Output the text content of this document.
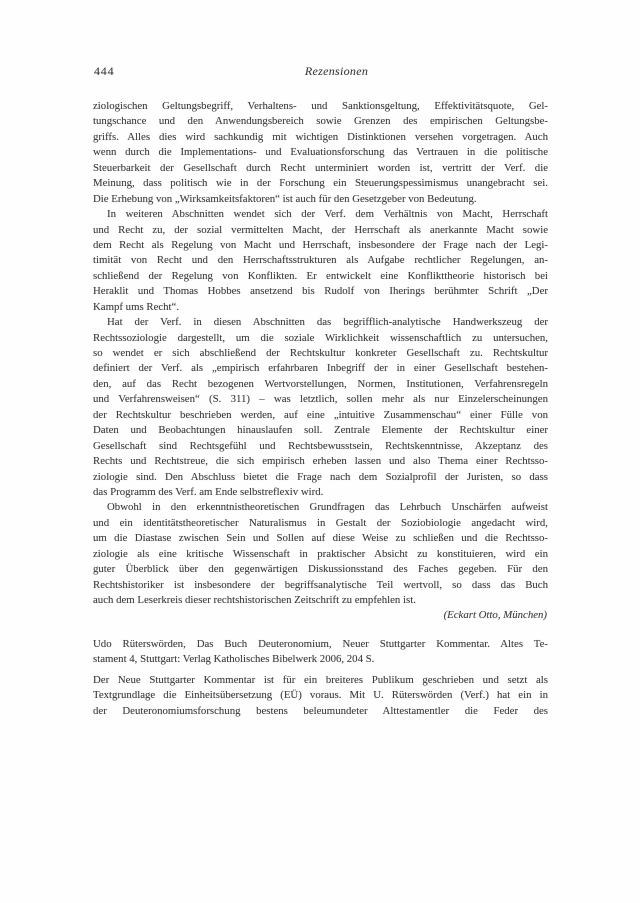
444	Rezensionen
ziologischen Geltungsbegriff, Verhaltens- und Sanktionsgeltung, Effektivitätsquote, Gel-
tungschance und den Anwendungsbereich sowie Grenzen des empirischen Geltungsbe-
griffs. Alles dies wird sachkundig mit wichtigen Distinktionen versehen vorgetragen. Auch
wenn durch die Implementations- und Evaluationsforschung das Vertrauen in die politische
Steuerbarkeit der Gesellschaft durch Recht unterminiert worden ist, vertritt der Verf. die
Meinung, dass politisch wie in der Forschung ein Steuerungspessimismus unangebracht sei.
Die Erhebung von „Wirksamkeitsfaktoren“ ist auch für den Gesetzgeber von Bedeutung.
In weiteren Abschnitten wendet sich der Verf. dem Verhältnis von Macht, Herrschaft
und Recht zu, der sozial vermittelten Macht, der Herrschaft als anerkannte Macht sowie
dem Recht als Regelung von Macht und Herrschaft, insbesondere der Frage nach der Legi-
timität von Recht und den Herrschaftsstrukturen als Aufgabe rechtlicher Regelungen, an-
schließend der Regelung von Konflikten. Er entwickelt eine Konflikttheorie historisch bei
Heraklit und Thomas Hobbes ansetzend bis Rudolf von Iherings berühmter Schrift „Der
Kampf ums Recht“.
Hat der Verf. in diesen Abschnitten das begrifflich-analytische Handwerkszeug der
Rechtssoziologie dargestellt, um die soziale Wirklichkeit wissenschaftlich zu untersuchen,
so wendet er sich abschließend der Rechtskultur konkreter Gesellschaft zu. Rechtskultur
definiert der Verf. als „empirisch erfahrbaren Inbegriff der in einer Gesellschaft bestehen-
den, auf das Recht bezogenen Wertvorstellungen, Normen, Institutionen, Verfahrensregeln
und Verfahrensweisen“ (S. 311) – was letztlich, sollen mehr als nur Einzelerscheinungen
der Rechtskultur beschrieben werden, auf eine „intuitive Zusammenschau“ einer Fülle von
Daten und Beobachtungen hinauslaufen soll. Zentrale Elemente der Rechtskultur einer
Gesellschaft sind Rechtsgefühl und Rechtsbewusstsein, Rechtskenntnisse, Akzeptanz des
Rechts und Rechtstreue, die sich empirisch erheben lassen und also Thema einer Rechtsso-
ziologie sind. Den Abschluss bietet die Frage nach dem Sozialprofil der Juristen, so dass
das Programm des Verf. am Ende selbstreflexiv wird.
Obwohl in den erkenntnistheoretischen Grundfragen das Lehrbuch Unschärfen aufweist
und ein identitätstheoretischer Naturalismus in Gestalt der Soziobiologie angedacht wird,
um die Diastase zwischen Sein und Sollen auf diese Weise zu schließen und die Rechtsso-
ziologie als eine kritische Wissenschaft in praktischer Absicht zu konstituieren, wird ein
guter Überblick über den gegenwärtigen Diskussionsstand des Faches gegeben. Für den
Rechtshistoriker ist insbesondere der begriffsanalytische Teil wertvoll, so dass das Buch
auch dem Leserkreis dieser rechtshistorischen Zeitschrift zu empfehlen ist.
(Eckart Otto, München)
Udo Rüterswörden, Das Buch Deuteronomium, Neuer Stuttgarter Kommentar. Altes Te-
stament 4, Stuttgart: Verlag Katholisches Bibelwerk 2006, 204 S.
Der Neue Stuttgarter Kommentar ist für ein breiteres Publikum geschrieben und setzt als
Textgrundlage die Einheitsübersetzung (EÜ) voraus. Mit U. Rüterswörden (Verf.) hat ein in
der Deuteronomiumsforschung bestens beleumundeter Alttestamentler die Feder des
